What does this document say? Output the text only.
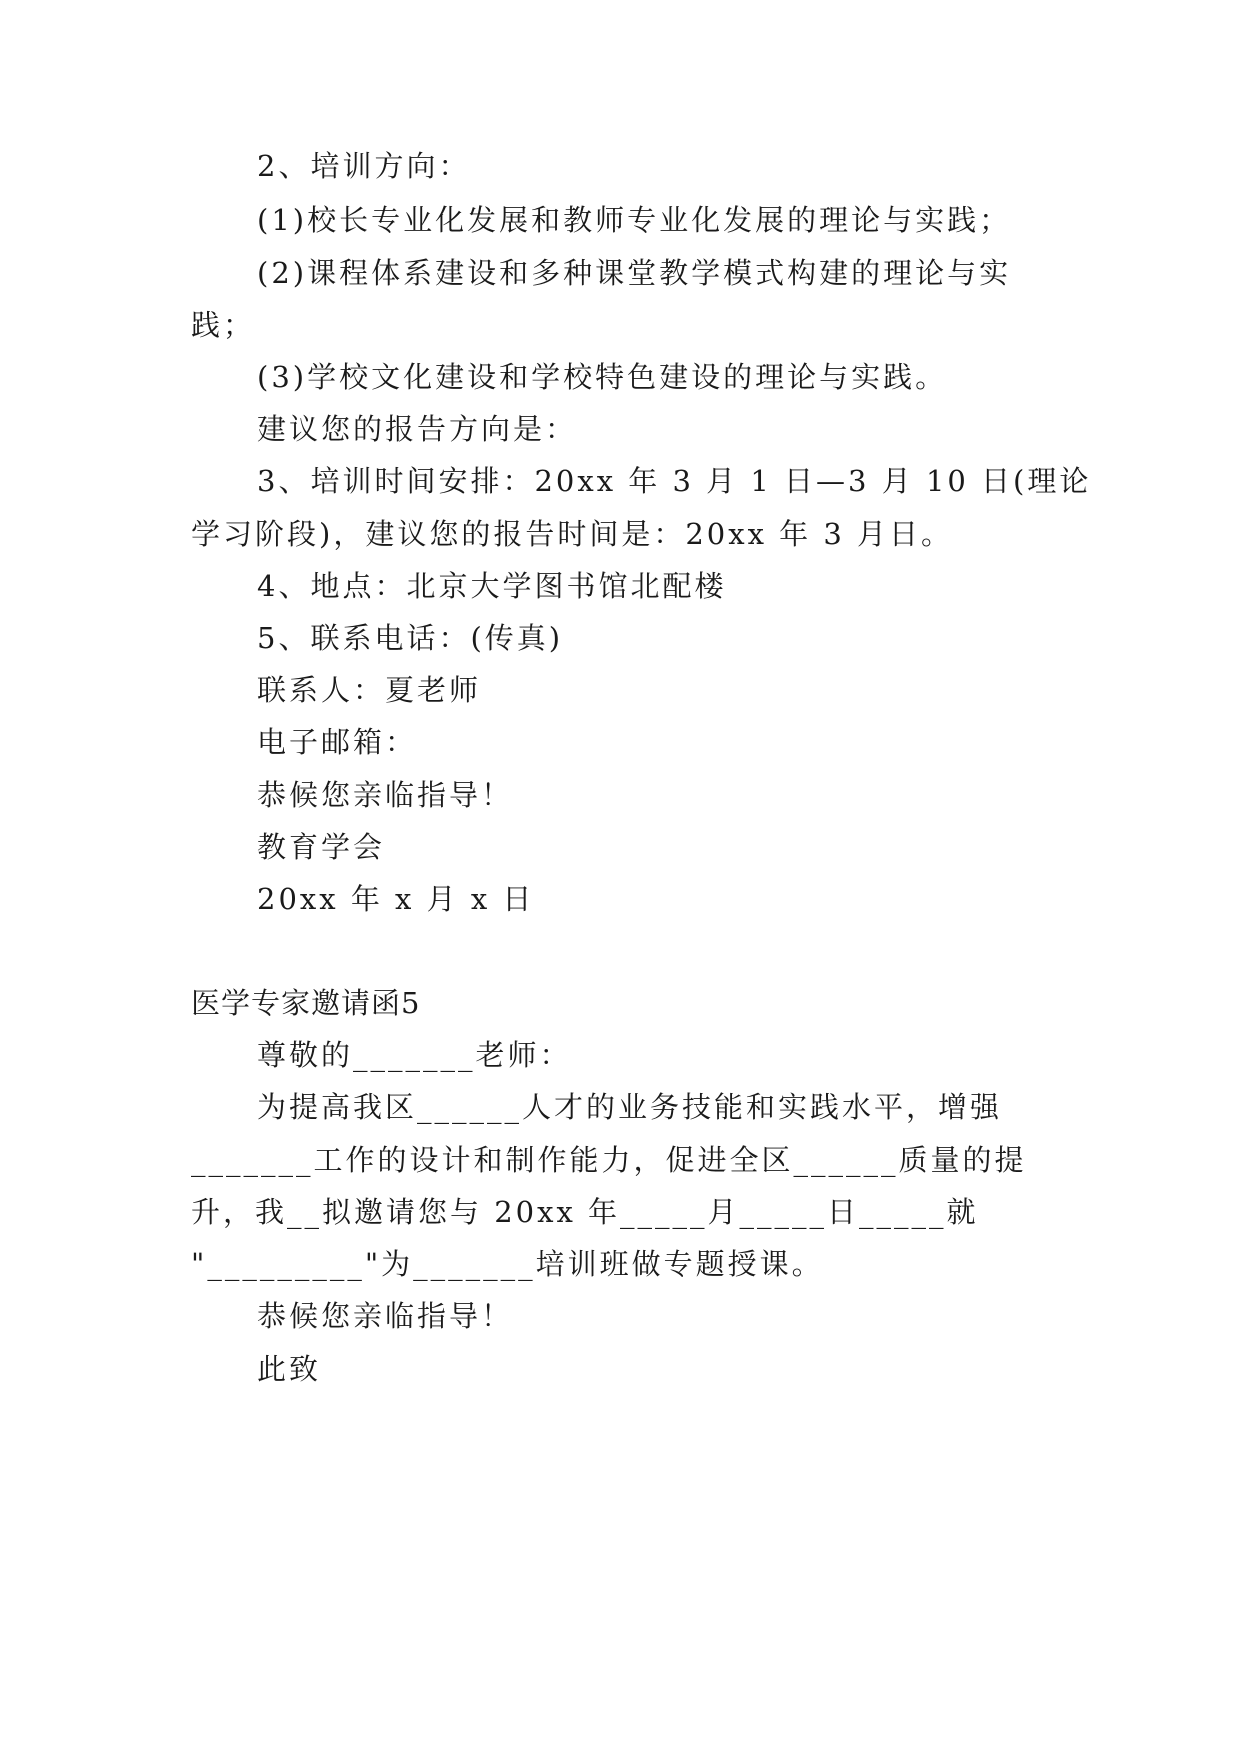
2、培训方向：
(1)校长专业化发展和教师专业化发展的理论与实践；
(2)课程体系建设和多种课堂教学模式构建的理论与实
践；
(3)学校文化建设和学校特色建设的理论与实践。
建议您的报告方向是：
3、培训时间安排：20xx 年 3 月 1 日—3 月 10 日(理论
学习阶段)，建议您的报告时间是：20xx 年 3 月日。
4、地点：北京大学图书馆北配楼
5、联系电话：(传真)
联系人：夏老师
电子邮箱：
恭候您亲临指导！
教育学会
20xx 年 x 月 x 日
医学专家邀请函5
尊敬的_______老师：
为提高我区______人才的业务技能和实践水平，增强
_______工作的设计和制作能力，促进全区______质量的提
升，我__拟邀请您与 20xx 年_____月_____日_____就
"_________"为_______培训班做专题授课。
恭候您亲临指导！
此致
